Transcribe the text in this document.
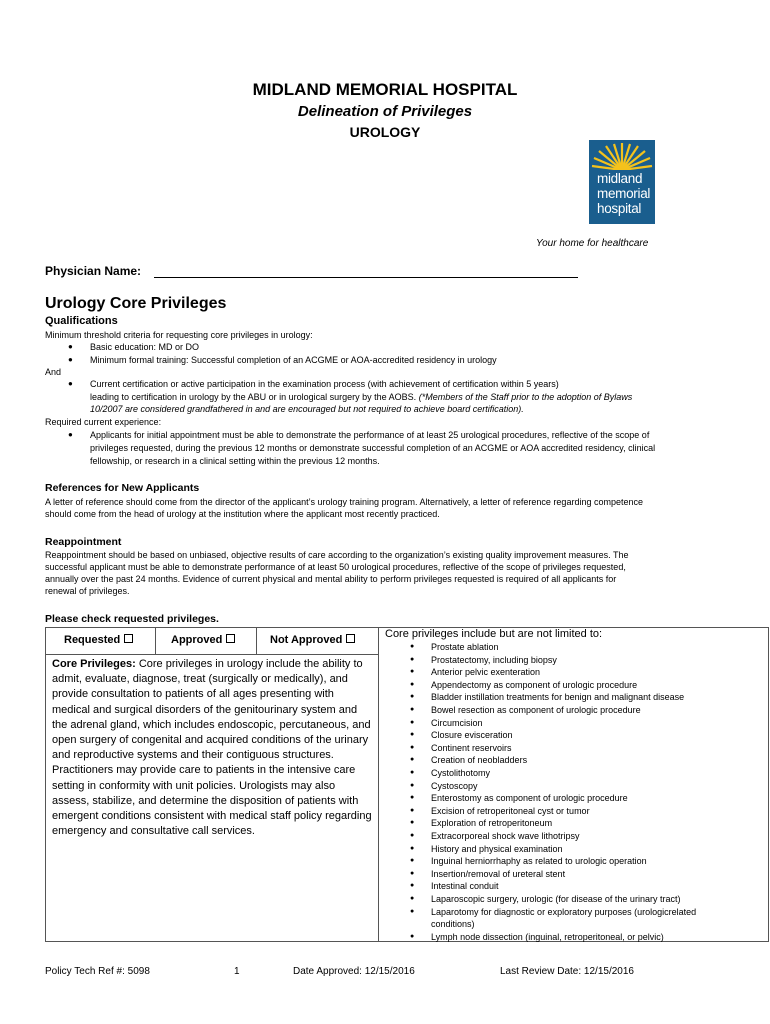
MIDLAND MEMORIAL HOSPITAL
Delineation of Privileges
UROLOGY
midland
memorial
hospital
Your home for healthcare
Physician Name:
Urology Core Privileges
Qualifications
Minimum threshold criteria for requesting core privileges in urology:
● Basic education: MD or DO
● Minimum formal training: Successful completion of an ACGME or AOA-accredited residency in urology
And
● Current certification or active participation in the examination process (with achievement of certification within 5 years)
leading to certification in urology by the ABU or in urological surgery by the AOBS. (*Members of the Staff prior to the adoption of Bylaws
10/2007 are considered grandfathered in and are encouraged but not required to achieve board certification).
Required current experience:
● Applicants for initial appointment must be able to demonstrate the performance of at least 25 urological procedures, reflective of the scope of
privileges requested, during the previous 12 months or demonstrate successful completion of an ACGME or AOA accredited residency, clinical
fellowship, or research in a clinical setting within the previous 12 months.
References for New Applicants
A letter of reference should come from the director of the applicant’s urology training program. Alternatively, a letter of reference regarding competence
should come from the head of urology at the institution where the applicant most recently practiced.
Reappointment
Reappointment should be based on unbiased, objective results of care according to the organization’s existing quality improvement measures. The
successful applicant must be able to demonstrate performance of at least 50 urological procedures, reflective of the scope of privileges requested,
annually over the past 24 months. Evidence of current physical and mental ability to perform privileges requested is required of all applicants for
renewal of privileges.
Please check requested privileges.
Requested	Approved	Not Approved
Core Privileges: Core privileges in urology include the ability to admit, evaluate, diagnose, treat (surgically or medically), and provide consultation to patients of all ages presenting with medical and surgical disorders of the genitourinary system and the adrenal gland, which includes endoscopic, percutaneous, and open surgery of congenital and acquired conditions of the urinary and reproductive systems and their contiguous structures. Practitioners may provide care to patients in the intensive care setting in conformity with unit policies. Urologists may also assess, stabilize, and determine the disposition of patients with emergent conditions consistent with medical staff policy regarding emergency and consultative call services.
Core privileges include but are not limited to:
● Prostate ablation
● Prostatectomy, including biopsy
● Anterior pelvic exenteration
● Appendectomy as component of urologic procedure
● Bladder instillation treatments for benign and malignant disease
● Bowel resection as component of urologic procedure
● Circumcision
● Closure evisceration
● Continent reservoirs
● Creation of neobladders
● Cystolithotomy
● Cystoscopy
● Enterostomy as component of urologic procedure
● Excision of retroperitoneal cyst or tumor
● Exploration of retroperitoneum
● Extracorporeal shock wave lithotripsy
● History and physical examination
● Inguinal herniorrhaphy as related to urologic operation
● Insertion/removal of ureteral stent
● Intestinal conduit
● Laparoscopic surgery, urologic (for disease of the urinary tract)
● Laparotomy for diagnostic or exploratory purposes (urologicrelated conditions)
● Lymph node dissection (inguinal, retroperitoneal, or pelvic)
Policy Tech Ref #: 5098	1	Date Approved: 12/15/2016	Last Review Date: 12/15/2016
